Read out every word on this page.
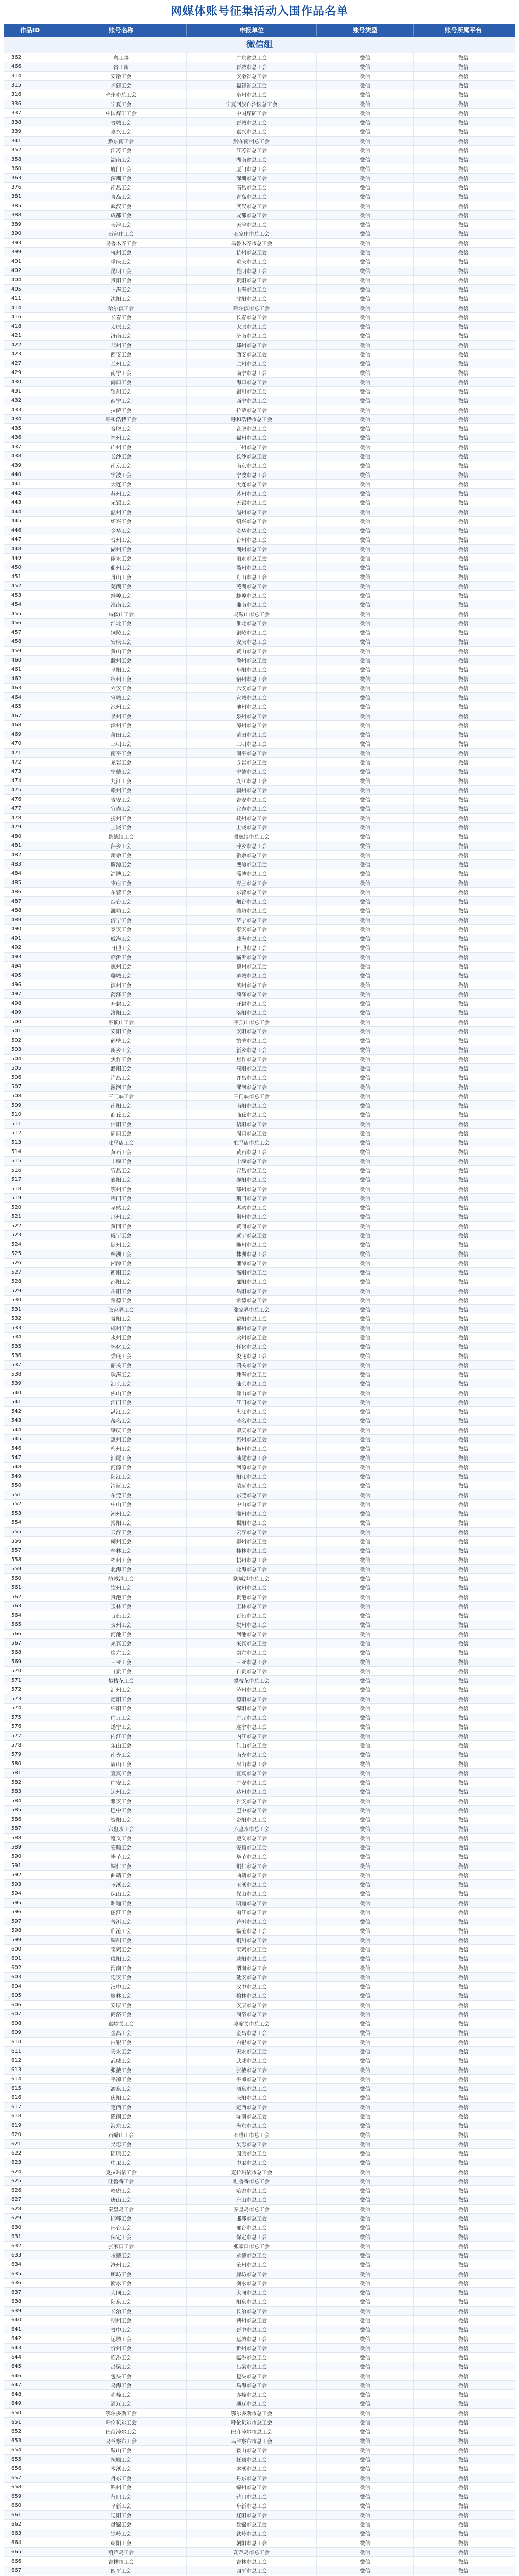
网媒体账号征集活动入围作品名单
作品ID	账号名称	申报单位	账号类型	账号所属平台
微信组
362	粤工事	广东省总工会	微信	微信
466	晋工新	晋城市总工会	微信	微信
314	安徽工会	安徽省总工会	微信	微信
315	福建工会	福建省总工会	微信	微信
316	亳州市总工会	亳州市总工会	微信	微信
336	宁夏工会	宁夏回族自治区总工会	微信	微信
337	中国煤矿工会	中国煤矿工会	微信	微信
338	晋城工会	晋城市总工会	微信	微信
339	嘉兴工会	嘉兴市总工会	微信	微信
341	黔东南工会	黔东南州总工会	微信	微信
352	江苏工会	江苏省总工会	微信	微信
358	湖南工会	湖南省总工会	微信	微信
360	厦门工会	厦门市总工会	微信	微信
363	深圳工会	深圳市总工会	微信	微信
376	南昌工会	南昌市总工会	微信	微信
381	青岛工会	青岛市总工会	微信	微信
385	武汉工会	武汉市总工会	微信	微信
388	成都工会	成都市总工会	微信	微信
389	天津工会	天津市总工会	微信	微信
390	石家庄工会	石家庄市总工会	微信	微信
393	乌鲁木齐工会	乌鲁木齐市总工会	微信	微信
399	杭州工会	杭州市总工会	微信	微信
401	重庆工会	重庆市总工会	微信	微信
402	昆明工会	昆明市总工会	微信	微信
404	贵阳工会	贵阳市总工会	微信	微信
405	上海工会	上海市总工会	微信	微信
411	沈阳工会	沈阳市总工会	微信	微信
414	哈尔滨工会	哈尔滨市总工会	微信	微信
416	长春工会	长春市总工会	微信	微信
418	太原工会	太原市总工会	微信	微信
421	济南工会	济南市总工会	微信	微信
422	郑州工会	郑州市总工会	微信	微信
423	西安工会	西安市总工会	微信	微信
427	兰州工会	兰州市总工会	微信	微信
429	南宁工会	南宁市总工会	微信	微信
430	海口工会	海口市总工会	微信	微信
431	银川工会	银川市总工会	微信	微信
432	西宁工会	西宁市总工会	微信	微信
433	拉萨工会	拉萨市总工会	微信	微信
434	呼和浩特工会	呼和浩特市总工会	微信	微信
435	合肥工会	合肥市总工会	微信	微信
436	福州工会	福州市总工会	微信	微信
437	广州工会	广州市总工会	微信	微信
438	长沙工会	长沙市总工会	微信	微信
439	南京工会	南京市总工会	微信	微信
440	宁波工会	宁波市总工会	微信	微信
441	大连工会	大连市总工会	微信	微信
442	苏州工会	苏州市总工会	微信	微信
443	无锡工会	无锡市总工会	微信	微信
444	温州工会	温州市总工会	微信	微信
445	绍兴工会	绍兴市总工会	微信	微信
446	金华工会	金华市总工会	微信	微信
447	台州工会	台州市总工会	微信	微信
448	湖州工会	湖州市总工会	微信	微信
449	丽水工会	丽水市总工会	微信	微信
450	衢州工会	衢州市总工会	微信	微信
451	舟山工会	舟山市总工会	微信	微信
452	芜湖工会	芜湖市总工会	微信	微信
453	蚌埠工会	蚌埠市总工会	微信	微信
454	淮南工会	淮南市总工会	微信	微信
455	马鞍山工会	马鞍山市总工会	微信	微信
456	淮北工会	淮北市总工会	微信	微信
457	铜陵工会	铜陵市总工会	微信	微信
458	安庆工会	安庆市总工会	微信	微信
459	黄山工会	黄山市总工会	微信	微信
460	滁州工会	滁州市总工会	微信	微信
461	阜阳工会	阜阳市总工会	微信	微信
462	宿州工会	宿州市总工会	微信	微信
463	六安工会	六安市总工会	微信	微信
464	宣城工会	宣城市总工会	微信	微信
465	池州工会	池州市总工会	微信	微信
467	泉州工会	泉州市总工会	微信	微信
468	漳州工会	漳州市总工会	微信	微信
469	莆田工会	莆田市总工会	微信	微信
470	三明工会	三明市总工会	微信	微信
471	南平工会	南平市总工会	微信	微信
472	龙岩工会	龙岩市总工会	微信	微信
473	宁德工会	宁德市总工会	微信	微信
474	九江工会	九江市总工会	微信	微信
475	赣州工会	赣州市总工会	微信	微信
476	吉安工会	吉安市总工会	微信	微信
477	宜春工会	宜春市总工会	微信	微信
478	抚州工会	抚州市总工会	微信	微信
479	上饶工会	上饶市总工会	微信	微信
480	景德镇工会	景德镇市总工会	微信	微信
481	萍乡工会	萍乡市总工会	微信	微信
482	新余工会	新余市总工会	微信	微信
483	鹰潭工会	鹰潭市总工会	微信	微信
484	淄博工会	淄博市总工会	微信	微信
485	枣庄工会	枣庄市总工会	微信	微信
486	东营工会	东营市总工会	微信	微信
487	烟台工会	烟台市总工会	微信	微信
488	潍坊工会	潍坊市总工会	微信	微信
489	济宁工会	济宁市总工会	微信	微信
490	泰安工会	泰安市总工会	微信	微信
491	威海工会	威海市总工会	微信	微信
492	日照工会	日照市总工会	微信	微信
493	临沂工会	临沂市总工会	微信	微信
494	德州工会	德州市总工会	微信	微信
495	聊城工会	聊城市总工会	微信	微信
496	滨州工会	滨州市总工会	微信	微信
497	菏泽工会	菏泽市总工会	微信	微信
498	开封工会	开封市总工会	微信	微信
499	洛阳工会	洛阳市总工会	微信	微信
500	平顶山工会	平顶山市总工会	微信	微信
501	安阳工会	安阳市总工会	微信	微信
502	鹤壁工会	鹤壁市总工会	微信	微信
503	新乡工会	新乡市总工会	微信	微信
504	焦作工会	焦作市总工会	微信	微信
505	濮阳工会	濮阳市总工会	微信	微信
506	许昌工会	许昌市总工会	微信	微信
507	漯河工会	漯河市总工会	微信	微信
508	三门峡工会	三门峡市总工会	微信	微信
509	南阳工会	南阳市总工会	微信	微信
510	商丘工会	商丘市总工会	微信	微信
511	信阳工会	信阳市总工会	微信	微信
512	周口工会	周口市总工会	微信	微信
513	驻马店工会	驻马店市总工会	微信	微信
514	黄石工会	黄石市总工会	微信	微信
515	十堰工会	十堰市总工会	微信	微信
516	宜昌工会	宜昌市总工会	微信	微信
517	襄阳工会	襄阳市总工会	微信	微信
518	鄂州工会	鄂州市总工会	微信	微信
519	荆门工会	荆门市总工会	微信	微信
520	孝感工会	孝感市总工会	微信	微信
521	荆州工会	荆州市总工会	微信	微信
522	黄冈工会	黄冈市总工会	微信	微信
523	咸宁工会	咸宁市总工会	微信	微信
524	随州工会	随州市总工会	微信	微信
525	株洲工会	株洲市总工会	微信	微信
526	湘潭工会	湘潭市总工会	微信	微信
527	衡阳工会	衡阳市总工会	微信	微信
528	邵阳工会	邵阳市总工会	微信	微信
529	岳阳工会	岳阳市总工会	微信	微信
530	常德工会	常德市总工会	微信	微信
531	张家界工会	张家界市总工会	微信	微信
532	益阳工会	益阳市总工会	微信	微信
533	郴州工会	郴州市总工会	微信	微信
534	永州工会	永州市总工会	微信	微信
535	怀化工会	怀化市总工会	微信	微信
536	娄底工会	娄底市总工会	微信	微信
537	韶关工会	韶关市总工会	微信	微信
538	珠海工会	珠海市总工会	微信	微信
539	汕头工会	汕头市总工会	微信	微信
540	佛山工会	佛山市总工会	微信	微信
541	江门工会	江门市总工会	微信	微信
542	湛江工会	湛江市总工会	微信	微信
543	茂名工会	茂名市总工会	微信	微信
544	肇庆工会	肇庆市总工会	微信	微信
545	惠州工会	惠州市总工会	微信	微信
546	梅州工会	梅州市总工会	微信	微信
547	汕尾工会	汕尾市总工会	微信	微信
548	河源工会	河源市总工会	微信	微信
549	阳江工会	阳江市总工会	微信	微信
550	清远工会	清远市总工会	微信	微信
551	东莞工会	东莞市总工会	微信	微信
552	中山工会	中山市总工会	微信	微信
553	潮州工会	潮州市总工会	微信	微信
554	揭阳工会	揭阳市总工会	微信	微信
555	云浮工会	云浮市总工会	微信	微信
556	柳州工会	柳州市总工会	微信	微信
557	桂林工会	桂林市总工会	微信	微信
558	梧州工会	梧州市总工会	微信	微信
559	北海工会	北海市总工会	微信	微信
560	防城港工会	防城港市总工会	微信	微信
561	钦州工会	钦州市总工会	微信	微信
562	贵港工会	贵港市总工会	微信	微信
563	玉林工会	玉林市总工会	微信	微信
564	百色工会	百色市总工会	微信	微信
565	贺州工会	贺州市总工会	微信	微信
566	河池工会	河池市总工会	微信	微信
567	来宾工会	来宾市总工会	微信	微信
568	崇左工会	崇左市总工会	微信	微信
569	三亚工会	三亚市总工会	微信	微信
570	自贡工会	自贡市总工会	微信	微信
571	攀枝花工会	攀枝花市总工会	微信	微信
572	泸州工会	泸州市总工会	微信	微信
573	德阳工会	德阳市总工会	微信	微信
574	绵阳工会	绵阳市总工会	微信	微信
575	广元工会	广元市总工会	微信	微信
576	遂宁工会	遂宁市总工会	微信	微信
577	内江工会	内江市总工会	微信	微信
578	乐山工会	乐山市总工会	微信	微信
579	南充工会	南充市总工会	微信	微信
580	眉山工会	眉山市总工会	微信	微信
581	宜宾工会	宜宾市总工会	微信	微信
582	广安工会	广安市总工会	微信	微信
583	达州工会	达州市总工会	微信	微信
584	雅安工会	雅安市总工会	微信	微信
585	巴中工会	巴中市总工会	微信	微信
586	资阳工会	资阳市总工会	微信	微信
587	六盘水工会	六盘水市总工会	微信	微信
588	遵义工会	遵义市总工会	微信	微信
589	安顺工会	安顺市总工会	微信	微信
590	毕节工会	毕节市总工会	微信	微信
591	铜仁工会	铜仁市总工会	微信	微信
592	曲靖工会	曲靖市总工会	微信	微信
593	玉溪工会	玉溪市总工会	微信	微信
594	保山工会	保山市总工会	微信	微信
595	昭通工会	昭通市总工会	微信	微信
596	丽江工会	丽江市总工会	微信	微信
597	普洱工会	普洱市总工会	微信	微信
598	临沧工会	临沧市总工会	微信	微信
599	铜川工会	铜川市总工会	微信	微信
600	宝鸡工会	宝鸡市总工会	微信	微信
601	咸阳工会	咸阳市总工会	微信	微信
602	渭南工会	渭南市总工会	微信	微信
603	延安工会	延安市总工会	微信	微信
604	汉中工会	汉中市总工会	微信	微信
605	榆林工会	榆林市总工会	微信	微信
606	安康工会	安康市总工会	微信	微信
607	商洛工会	商洛市总工会	微信	微信
608	嘉峪关工会	嘉峪关市总工会	微信	微信
609	金昌工会	金昌市总工会	微信	微信
610	白银工会	白银市总工会	微信	微信
611	天水工会	天水市总工会	微信	微信
612	武威工会	武威市总工会	微信	微信
613	张掖工会	张掖市总工会	微信	微信
614	平凉工会	平凉市总工会	微信	微信
615	酒泉工会	酒泉市总工会	微信	微信
616	庆阳工会	庆阳市总工会	微信	微信
617	定西工会	定西市总工会	微信	微信
618	陇南工会	陇南市总工会	微信	微信
619	海东工会	海东市总工会	微信	微信
620	石嘴山工会	石嘴山市总工会	微信	微信
621	吴忠工会	吴忠市总工会	微信	微信
622	固原工会	固原市总工会	微信	微信
623	中卫工会	中卫市总工会	微信	微信
624	克拉玛依工会	克拉玛依市总工会	微信	微信
625	吐鲁番工会	吐鲁番市总工会	微信	微信
626	哈密工会	哈密市总工会	微信	微信
627	唐山工会	唐山市总工会	微信	微信
628	秦皇岛工会	秦皇岛市总工会	微信	微信
629	邯郸工会	邯郸市总工会	微信	微信
630	邢台工会	邢台市总工会	微信	微信
631	保定工会	保定市总工会	微信	微信
632	张家口工会	张家口市总工会	微信	微信
633	承德工会	承德市总工会	微信	微信
634	沧州工会	沧州市总工会	微信	微信
635	廊坊工会	廊坊市总工会	微信	微信
636	衡水工会	衡水市总工会	微信	微信
637	大同工会	大同市总工会	微信	微信
638	阳泉工会	阳泉市总工会	微信	微信
639	长治工会	长治市总工会	微信	微信
640	朔州工会	朔州市总工会	微信	微信
641	晋中工会	晋中市总工会	微信	微信
642	运城工会	运城市总工会	微信	微信
643	忻州工会	忻州市总工会	微信	微信
644	临汾工会	临汾市总工会	微信	微信
645	吕梁工会	吕梁市总工会	微信	微信
646	包头工会	包头市总工会	微信	微信
647	乌海工会	乌海市总工会	微信	微信
648	赤峰工会	赤峰市总工会	微信	微信
649	通辽工会	通辽市总工会	微信	微信
650	鄂尔多斯工会	鄂尔多斯市总工会	微信	微信
651	呼伦贝尔工会	呼伦贝尔市总工会	微信	微信
652	巴彦淖尔工会	巴彦淖尔市总工会	微信	微信
653	乌兰察布工会	乌兰察布市总工会	微信	微信
654	鞍山工会	鞍山市总工会	微信	微信
655	抚顺工会	抚顺市总工会	微信	微信
656	本溪工会	本溪市总工会	微信	微信
657	丹东工会	丹东市总工会	微信	微信
658	锦州工会	锦州市总工会	微信	微信
659	营口工会	营口市总工会	微信	微信
660	阜新工会	阜新市总工会	微信	微信
661	辽阳工会	辽阳市总工会	微信	微信
662	盘锦工会	盘锦市总工会	微信	微信
663	铁岭工会	铁岭市总工会	微信	微信
664	朝阳工会	朝阳市总工会	微信	微信
665	葫芦岛工会	葫芦岛市总工会	微信	微信
666	吉林市工会	吉林市总工会	微信	微信
667	四平工会	四平市总工会	微信	微信
